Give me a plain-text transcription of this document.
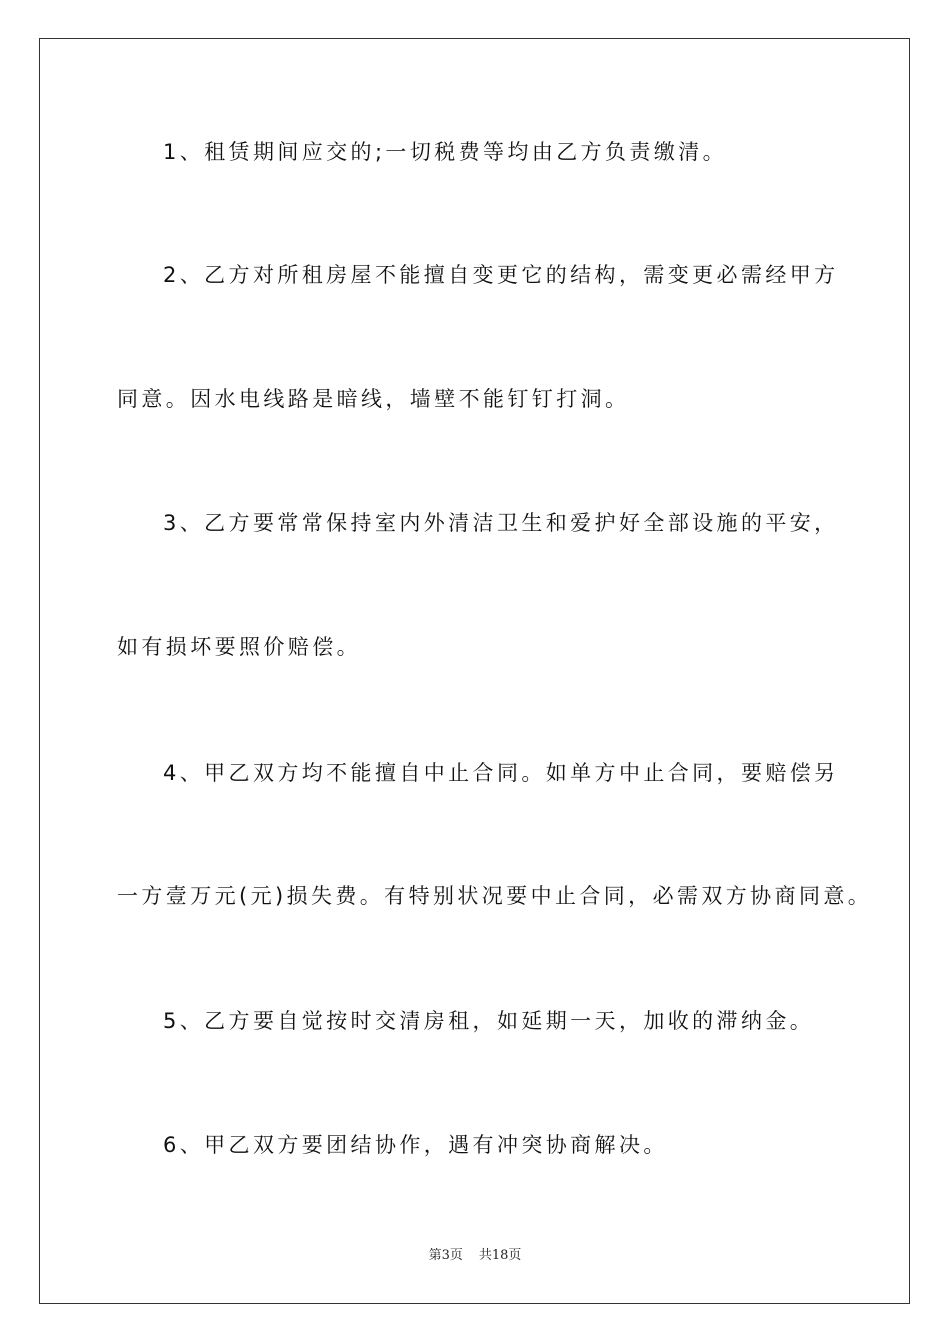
1、租赁期间应交的;一切税费等均由乙方负责缴清。
2、乙方对所租房屋不能擅自变更它的结构，需变更必需经甲方
同意。因水电线路是暗线，墙壁不能钉钉打洞。
3、乙方要常常保持室内外清洁卫生和爱护好全部设施的平安，
如有损坏要照价赔偿。
4、甲乙双方均不能擅自中止合同。如单方中止合同，要赔偿另
一方壹万元(元)损失费。有特别状况要中止合同，必需双方协商同意。
5、乙方要自觉按时交清房租，如延期一天，加收的滞纳金。
6、甲乙双方要团结协作，遇有冲突协商解决。
第3页 共18页
